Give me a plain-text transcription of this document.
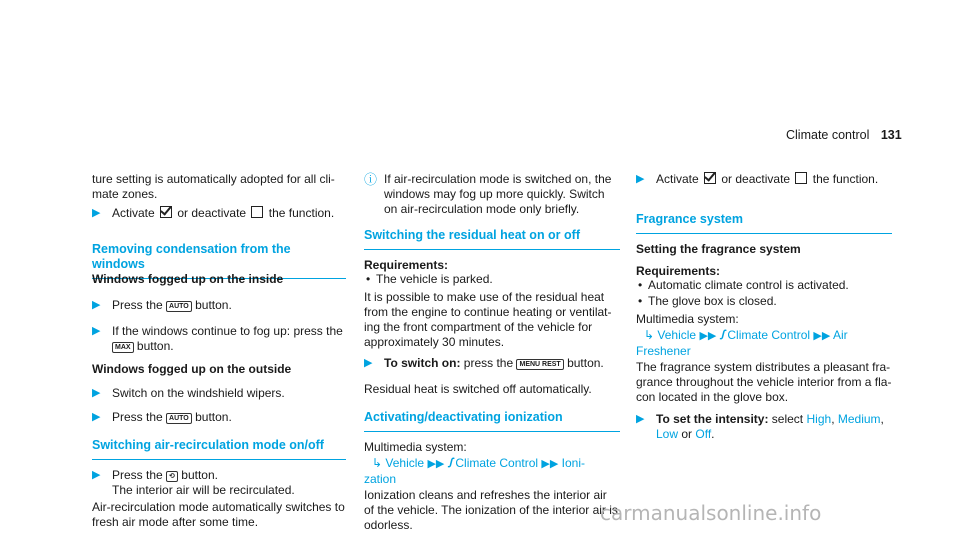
Climate control 131

ture setting is automatically adopted for all cli- mate zones.

▶ Activate or deactivate the function.
Removing condensation from the windows
Windows fogged up on the inside
▶ Press the AUTO button.
▶ If the windows continue to fog up: press the
MAX button.
Windows fogged up on the outside
▶ Switch on the windshield wipers.
▶ Press the AUTO button.
Switching air-recirculation mode on/off
▶ Press the ⟲ button.
The interior air will be recirculated.

Air-recirculation mode automatically switches to fresh air mode after some time.

ⓘ If air-recirculation mode is switched on, the windows may fog up more quickly. Switch on air-recirculation mode only briefly.
Switching the residual heat on or off
Requirements:
• The vehicle is parked.

It is possible to make use of the residual heat from the engine to continue heating or ventilat- ing the front compartment of the vehicle for approximately 30 minutes.

▶ To switch on: press the MENU REST button.

Residual heat is switched off automatically.

Activating/deactivating ionization

Multimedia system:

↳ Vehicle ▶▶ ꭍ Climate Control ▶▶ Ioni- zation

Ionization cleans and refreshes the interior air of the vehicle. The ionization of the interior air is odorless.

▶ Activate or deactivate the function.
Fragrance system
Setting the fragrance system
Requirements:
• Automatic climate control is activated.
• The glove box is closed.

Multimedia system:

↳ Vehicle ▶▶ ꭍ Climate Control ▶▶ Air Freshener

The fragrance system distributes a pleasant fra- grance throughout the vehicle interior from a fla- con located in the glove box.

▶ To set the intensity: select High, Medium, Low or Off.
carmanualsonline.info
